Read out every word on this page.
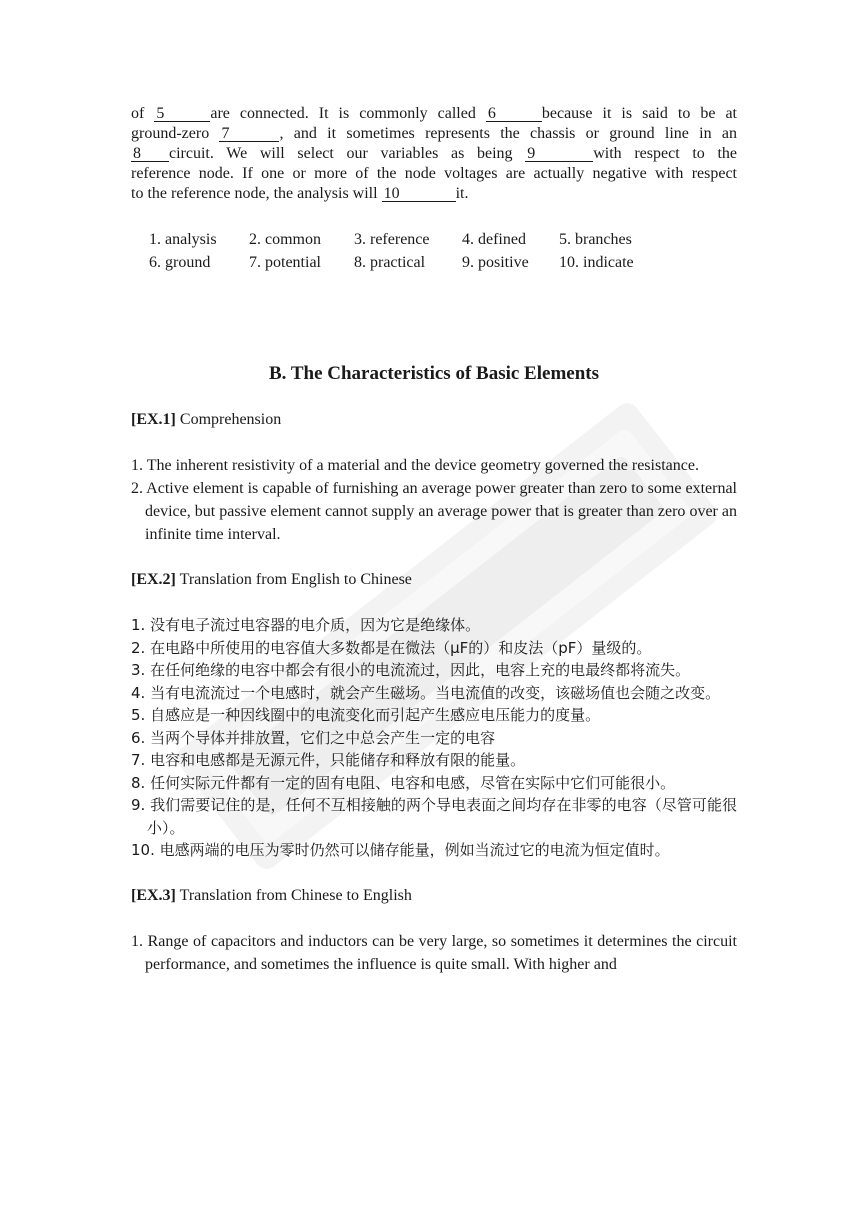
of 5	are connected. It is commonly called 6	because it is said to be at
ground-zero 7	, and it sometimes represents the chassis or ground line in an
8 circuit. We will select our variables as being 9	with respect to the
reference node. If one or more of the node voltages are actually negative with respect
to the reference node, the analysis will 10	it.
1. analysis	2. common	3. reference	4. defined	5. branches
6. ground	7. potential	8. practical	9. positive	10. indicate
B. The Characteristics of Basic Elements
[EX.1] Comprehension
1. The inherent resistivity of a material and the device geometry governed the resistance.
2. Active element is capable of furnishing an average power greater than zero to some external device, but passive element cannot supply an average power that is greater than zero over an infinite time interval.
[EX.2] Translation from English to Chinese
1. 没有电子流过电容器的电介质，因为它是绝缘体。
2. 在电路中所使用的电容值大多数都是在微法（μF的）和皮法（pF）量级的。
3. 在任何绝缘的电容中都会有很小的电流流过，因此，电容上充的电最终都将流失。
4. 当有电流流过一个电感时，就会产生磁场。当电流值的改变，该磁场值也会随之改变。
5. 自感应是一种因线圈中的电流变化而引起产生感应电压能力的度量。
6. 当两个导体并排放置，它们之中总会产生一定的电容
7. 电容和电感都是无源元件，只能储存和释放有限的能量。
8. 任何实际元件都有一定的固有电阻、电容和电感，尽管在实际中它们可能很小。
9. 我们需要记住的是，任何不互相接触的两个导电表面之间均存在非零的电容（尽管可能很小）。
10. 电感两端的电压为零时仍然可以储存能量，例如当流过它的电流为恒定值时。
[EX.3] Translation from Chinese to English
1. Range of capacitors and inductors can be very large, so sometimes it determines the circuit performance, and sometimes the influence is quite small. With higher and
